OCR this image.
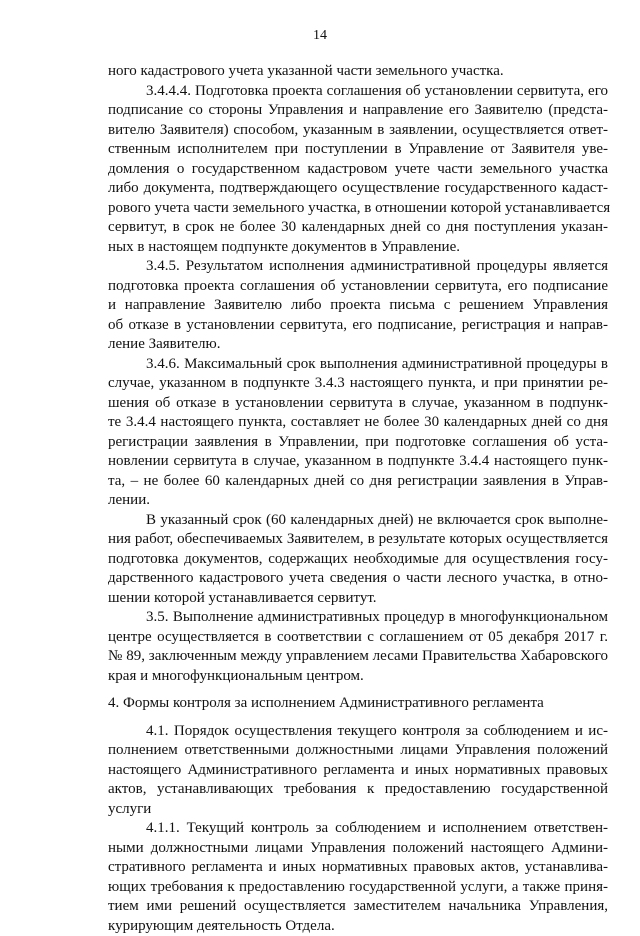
14
ного кадастрового учета указанной части земельного участка.
3.4.4.4. Подготовка проекта соглашения об установлении сервитута, его
подписание со стороны Управления и направление его Заявителю (предста-
вителю Заявителя) способом, указанным в заявлении, осуществляется ответ-
ственным исполнителем при поступлении в Управление от Заявителя уве-
домления о государственном кадастровом учете части земельного участка
либо документа, подтверждающего осуществление государственного кадаст-
рового учета части земельного участка, в отношении которой устанавливается
сервитут, в срок не более 30 календарных дней со дня поступления указан-
ных в настоящем подпункте документов в Управление.
3.4.5. Результатом исполнения административной процедуры является
подготовка проекта соглашения об установлении сервитута, его подписание
и направление Заявителю либо проекта письма с решением Управления
об отказе в установлении сервитута, его подписание, регистрация и направ-
ление Заявителю.
3.4.6. Максимальный срок выполнения административной процедуры в
случае, указанном в подпункте 3.4.3 настоящего пункта, и при принятии ре-
шения об отказе в установлении сервитута в случае, указанном в подпунк-
те 3.4.4 настоящего пункта, составляет не более 30 календарных дней со дня
регистрации заявления в Управлении, при подготовке соглашения об уста-
новлении сервитута в случае, указанном в подпункте 3.4.4 настоящего пунк-
та, – не более 60 календарных дней со дня регистрации заявления в Управ-
лении.
В указанный срок (60 календарных дней) не включается срок выполне-
ния работ, обеспечиваемых Заявителем, в результате которых осуществляется
подготовка документов, содержащих необходимые для осуществления госу-
дарственного кадастрового учета сведения о части лесного участка, в отно-
шении которой устанавливается сервитут.
3.5. Выполнение административных процедур в многофункциональном
центре осуществляется в соответствии с соглашением от 05 декабря 2017 г.
№ 89, заключенным между управлением лесами Правительства Хабаровского
края и многофункциональным центром.
4. Формы контроля за исполнением Административного регламента
4.1. Порядок осуществления текущего контроля за соблюдением и ис-
полнением ответственными должностными лицами Управления положений
настоящего Административного регламента и иных нормативных правовых
актов, устанавливающих требования к предоставлению государственной
услуги
4.1.1. Текущий контроль за соблюдением и исполнением ответствен-
ными должностными лицами Управления положений настоящего Админи-
стративного регламента и иных нормативных правовых актов, устанавлива-
ющих требования к предоставлению государственной услуги, а также приня-
тием ими решений осуществляется заместителем начальника Управления,
курирующим деятельность Отдела.
